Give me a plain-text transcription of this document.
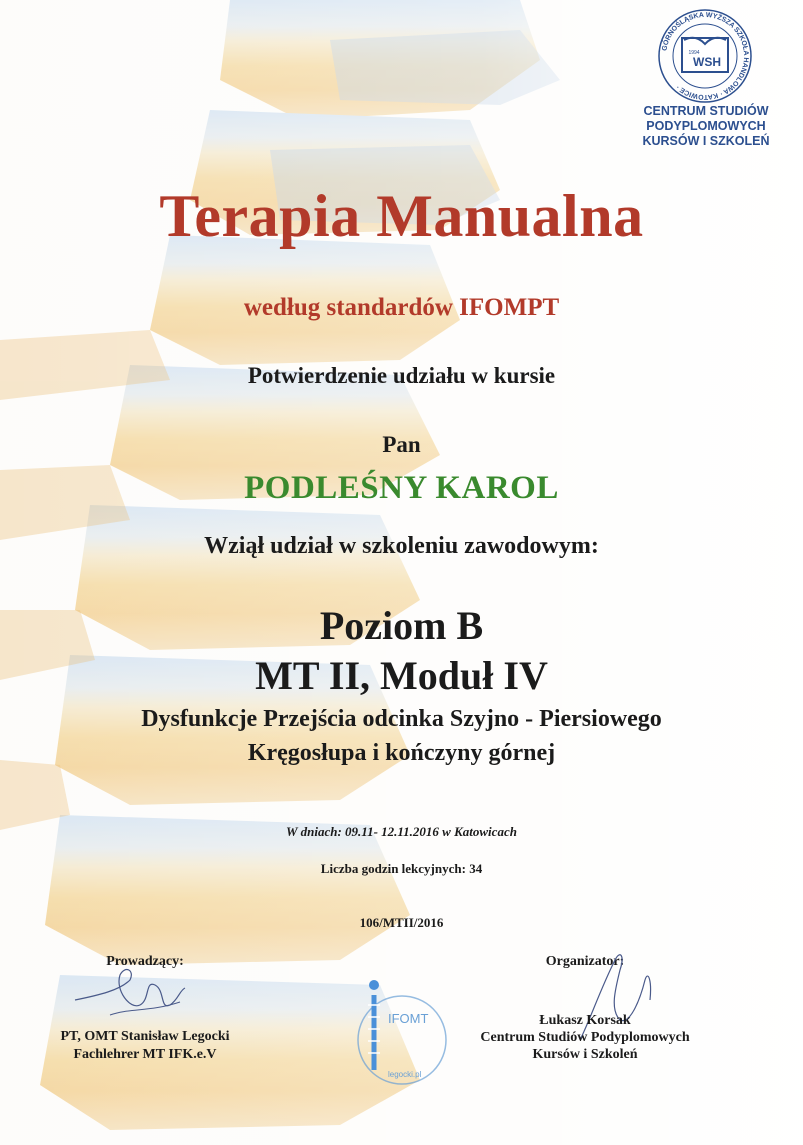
WSH
1994
GÓRNOŚLĄSKA WYŻSZA SZKOŁA HANDLOWA · KATOWICE ·
CENTRUM STUDIÓW
PODYPLOMOWYCH
KURSÓW I SZKOLEŃ
Terapia Manualna
według standardów IFOMPT
Potwierdzenie udziału w kursie
Pan
PODLEŚNY KAROL
Wziął udział w szkoleniu zawodowym:
Poziom B
MT II, Moduł IV
Dysfunkcje Przejścia odcinka Szyjno - Piersiowego
Kręgosłupa i kończyny górnej
W dniach: 09.11- 12.11.2016 w Katowicach
Liczba godzin lekcyjnych: 34
106/MTII/2016
Prowadzący:
PT, OMT Stanisław Legocki
Fachlehrer MT IFK.e.V
IFOMT
legocki.pl
Organizator:
Łukasz Korsak
Centrum Studiów Podyplomowych
Kursów i Szkoleń
